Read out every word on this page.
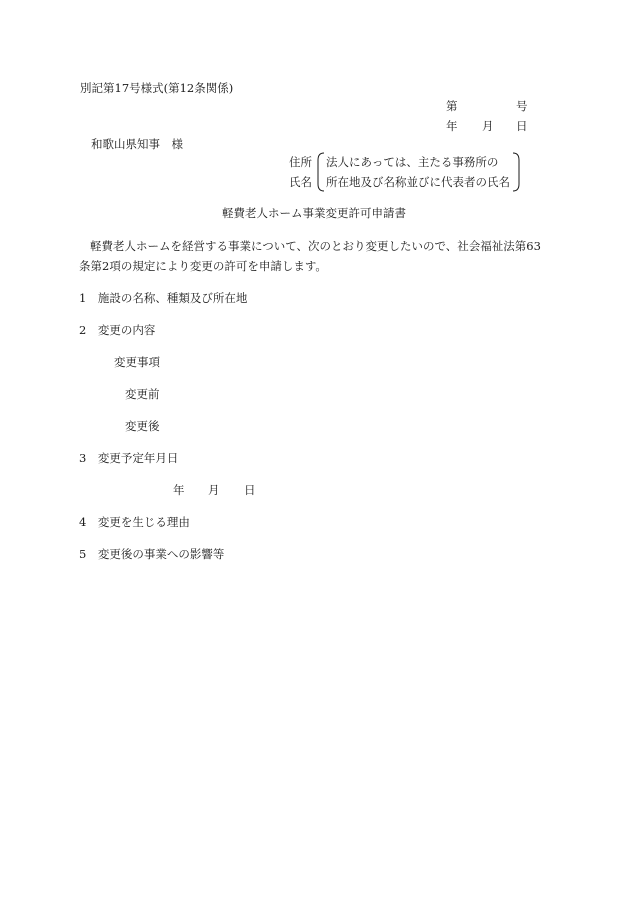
別記第17号様式(第12条関係)
第	号
年 月 日
和歌山県知事　様
住所
氏名
法人にあっては、主たる事務所の
所在地及び名称並びに代表者の氏名
軽費老人ホーム事業変更許可申請書
軽費老人ホームを経営する事業について、次のとおり変更したいので、社会福祉法第63
条第2項の規定により変更の許可を申請します。
1　施設の名称、種類及び所在地
2　変更の内容
変更事項
変更前
変更後
3　変更予定年月日
年 月 日
4　変更を生じる理由
5　変更後の事業への影響等
